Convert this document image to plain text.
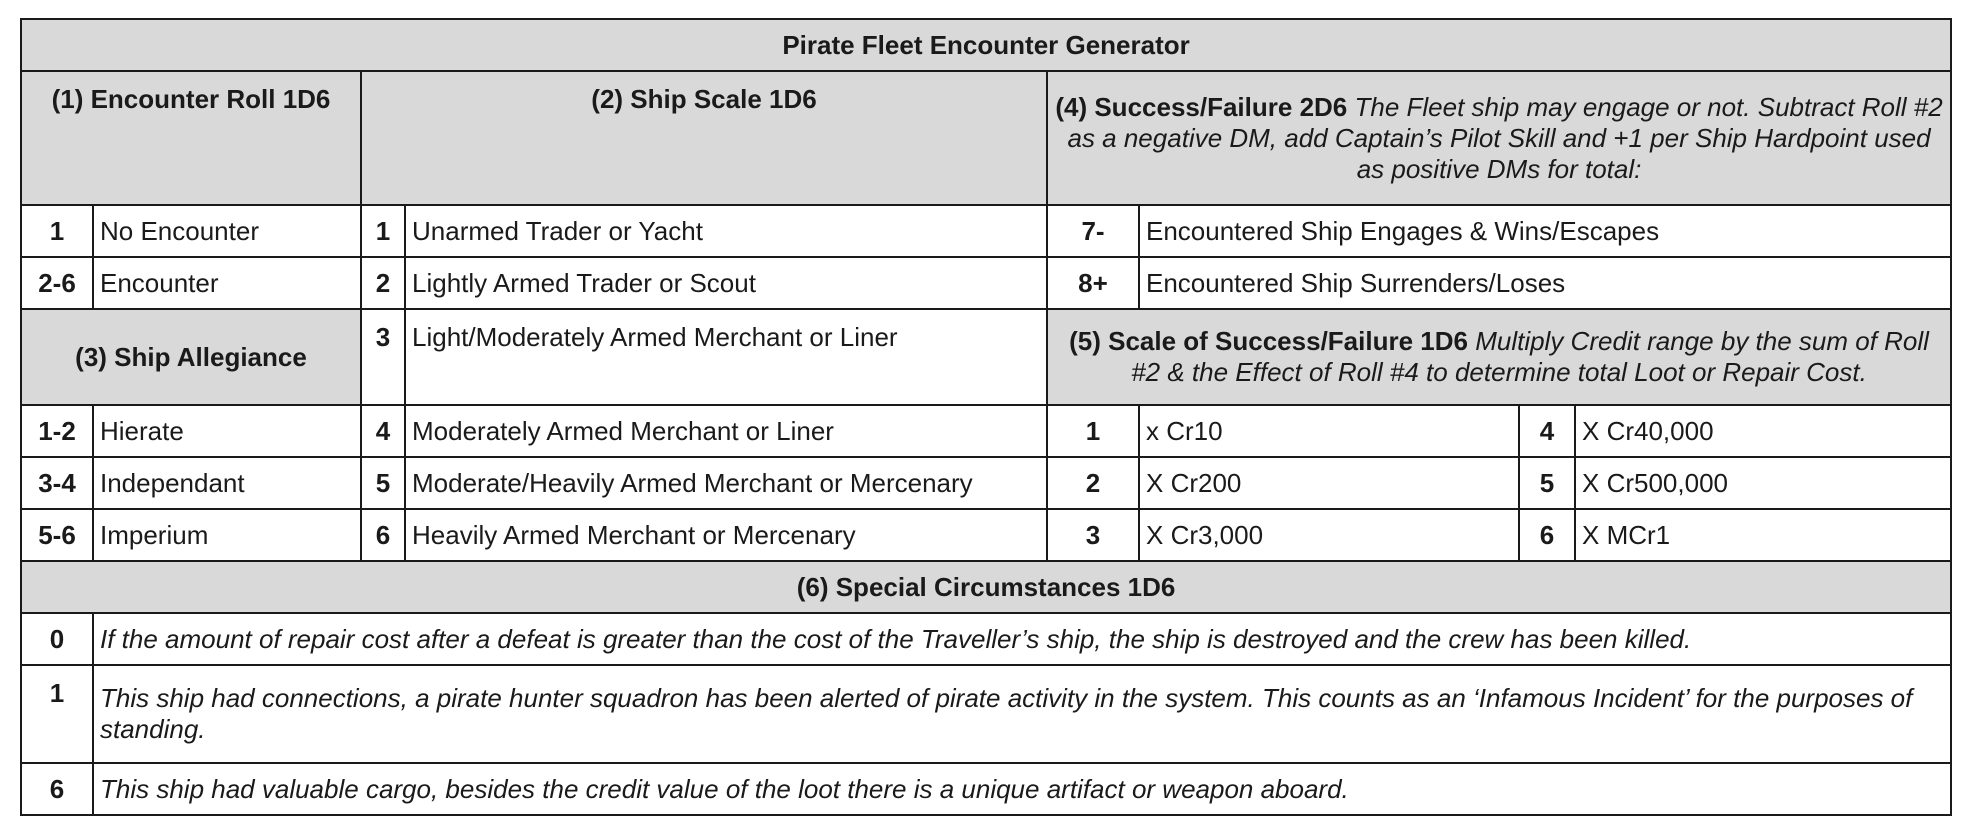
Pirate Fleet Encounter Generator							
(1) Encounter Roll 1D6		(2) Ship Scale 1D6		(4) Success/Failure 2D6 The Fleet ship may engage or not. Subtract Roll #2 as a negative DM, add Captain’s Pilot Skill and +1 per Ship Hardpoint used as positive DMs for total:			
1	No Encounter	1	Unarmed Trader or Yacht	7-	Encountered Ship Engages & Wins/Escapes		
2-6	Encounter	2	Lightly Armed Trader or Scout	8+	Encountered Ship Surrenders/Loses		
(3) Ship Allegiance		3	Light/Moderately Armed Merchant or Liner	(5) Scale of Success/Failure 1D6 Multiply Credit range by the sum of Roll #2 & the Effect of Roll #4 to determine total Loot or Repair Cost.			
1-2	Hierate	4	Moderately Armed Merchant or Liner	1	x Cr10	4	X Cr40,000
3-4	Independant	5	Moderate/Heavily Armed Merchant or Mercenary	2	X Cr200	5	X Cr500,000
5-6	Imperium	6	Heavily Armed Merchant or Mercenary	3	X Cr3,000	6	X MCr1
(6) Special Circumstances 1D6							
0	If the amount of repair cost after a defeat is greater than the cost of the Traveller’s ship, the ship is destroyed and the crew has been killed.						
1	This ship had connections, a pirate hunter squadron has been alerted of pirate activity in the system. This counts as an ‘Infamous Incident’ for the purposes of standing.						
6	This ship had valuable cargo, besides the credit value of the loot there is a unique artifact or weapon aboard.						
